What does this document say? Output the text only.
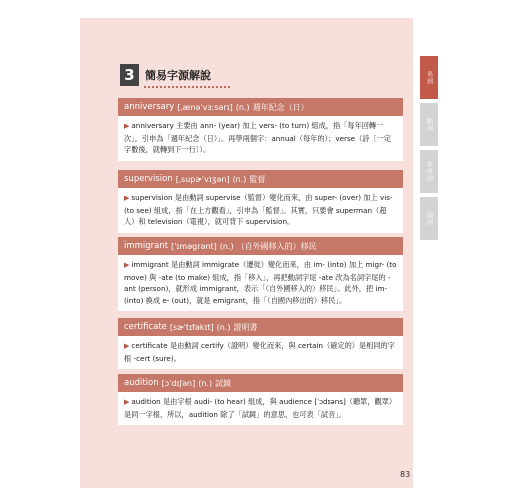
3 簡易字源解說
anniversary [ˌænəˈvɜːsərɪ] (n.) 週年紀念（日）
▶ anniversary 主要由 ann- (year) 加上 vers- (to turn) 組成，指「每年回轉一次」，引申為「週年紀念（日）」。再學兩個字：annual（每年的）；verse（詩〔一定字數後，就轉到下一行〕）。
supervision [ˌsupɚˈvɪʒən] (n.) 監督
▶ supervision 是由動詞 supervise（監督）變化而來，由 super- (over) 加上 vis- (to see) 組成，指「在上方觀看」，引申為「監督」。其實，只要會 superman（超人）和 television（電視），就可背下 supervision。
immigrant [ˈɪməgrənt] (n.) （自外國移入的）移民
▶ immigrant 是由動詞 immigrate（遷徙）變化而來，由 im- (into) 加上 migr- (to move) 與 -ate (to make) 組成，指「移入」，再把動詞字尾 -ate 改為名詞字尾的 -ant (person)，就形成 immigrant，表示「（自外國移入的）移民」。此外，把 im- (into) 換成 e- (out)，就是 emigrant，指「（自國內移出的）移民」。
certificate [sɚˈtɪfəkɪt] (n.) 證明書
▶ certificate 是由動詞 certify（證明）變化而來，與 certain（確定的）是相同的字根 -cert (sure)。
audition [ɔˈdɪʃən] (n.) 試鏡
▶ audition 是由字根 audi- (to hear) 組成，與 audience [ˈɔdɪəns]（聽眾，觀眾）是同一字根，所以，audition 除了「試鏡」的意思，也可表「試音」。
名詞
動詞
形容詞
副詞
83
